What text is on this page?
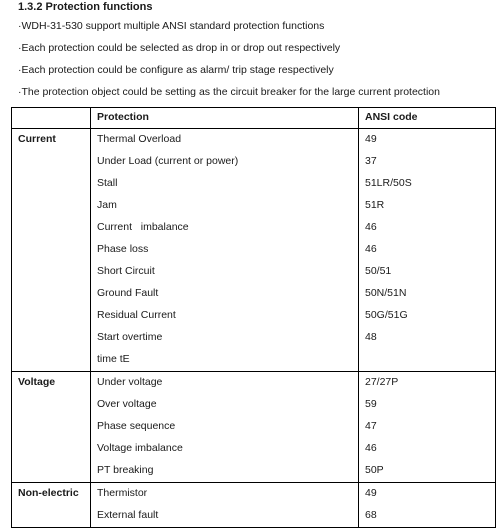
1.3.2 Protection functions
·WDH-31-530 support multiple ANSI standard protection functions
·Each protection could be selected as drop in or drop out respectively
·Each protection could be configure as alarm/ trip stage respectively
·The protection object could be setting as the circuit breaker for the large current protection
	Protection	ANSI code
Current	Thermal Overload	49
	Under Load (current or power)	37
	Stall	51LR/50S
	Jam	51R
	Current   imbalance	46
	Phase loss	46
	Short Circuit	50/51
	Ground Fault	50N/51N
	Residual Current	50G/51G
	Start overtime	48
	time tE	
Voltage	Under voltage	27/27P
	Over voltage	59
	Phase sequence	47
	Voltage imbalance	46
	PT breaking	50P
Non-electric	Thermistor	49
	External fault	68
